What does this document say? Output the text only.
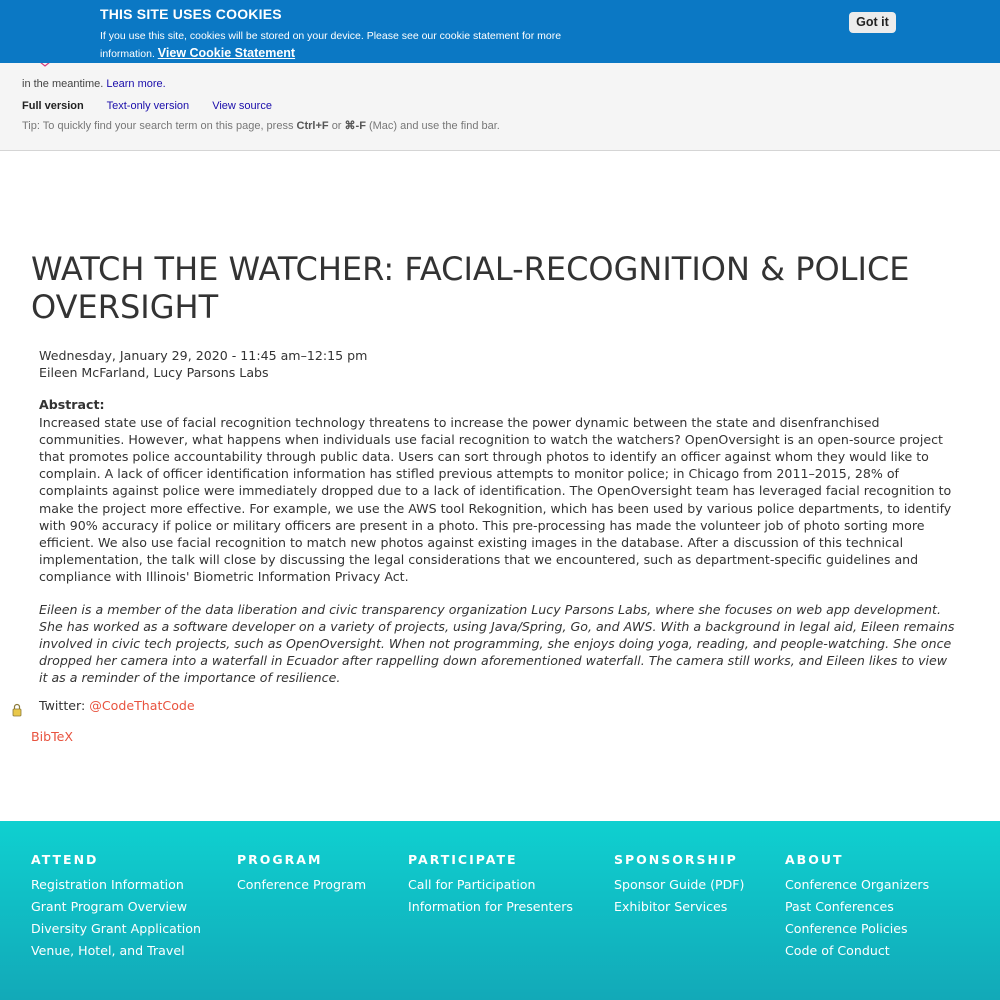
in the meantime. Learn more.
Full version Text-only version View source
Tip: To quickly find your search term on this page, press Ctrl+F or ⌘-F (Mac) and use the find bar.
THIS SITE USES COOKIES
If you use this site, cookies will be stored on your device. Please see our cookie statement for more information. View Cookie Statement
Got it
WATCH THE WATCHER: FACIAL-RECOGNITION & POLICE OVERSIGHT

Wednesday, January 29, 2020 - 11:45 am–12:15 pm

Eileen McFarland, Lucy Parsons Labs

Abstract:

Increased state use of facial recognition technology threatens to increase the power dynamic between the state and disenfranchised communities. However, what happens when individuals use facial recognition to watch the watchers? OpenOversight is an open-source project that promotes police accountability through public data. Users can sort through photos to identify an officer against whom they would like to complain. A lack of officer identification information has stifled previous attempts to monitor police; in Chicago from 2011–2015, 28% of complaints against police were immediately dropped due to a lack of identification. The OpenOversight team has leveraged facial recognition to make the project more effective. For example, we use the AWS tool Rekognition, which has been used by various police departments, to identify with 90% accuracy if police or military officers are present in a photo. This pre-processing has made the volunteer job of photo sorting more efficient. We also use facial recognition to match new photos against existing images in the database. After a discussion of this technical implementation, the talk will close by discussing the legal considerations that we encountered, such as department-specific guidelines and compliance with Illinois' Biometric Information Privacy Act.

Eileen is a member of the data liberation and civic transparency organization Lucy Parsons Labs, where she focuses on web app development. She has worked as a software developer on a variety of projects, using Java/Spring, Go, and AWS. With a background in legal aid, Eileen remains involved in civic tech projects, such as OpenOversight. When not programming, she enjoys doing yoga, reading, and people-watching. She once dropped her camera into a waterfall in Ecuador after rappelling down aforementioned waterfall. The camera still works, and Eileen likes to view it as a reminder of the importance of resilience.

Twitter: @CodeThatCode

BibTeX
ATTEND
Registration Information
Grant Program Overview
Diversity Grant Application
Venue, Hotel, and Travel
PROGRAM
Conference Program
PARTICIPATE
Call for Participation
Information for Presenters
SPONSORSHIP
Sponsor Guide (PDF)
Exhibitor Services
ABOUT
Conference Organizers
Past Conferences
Conference Policies
Code of Conduct
